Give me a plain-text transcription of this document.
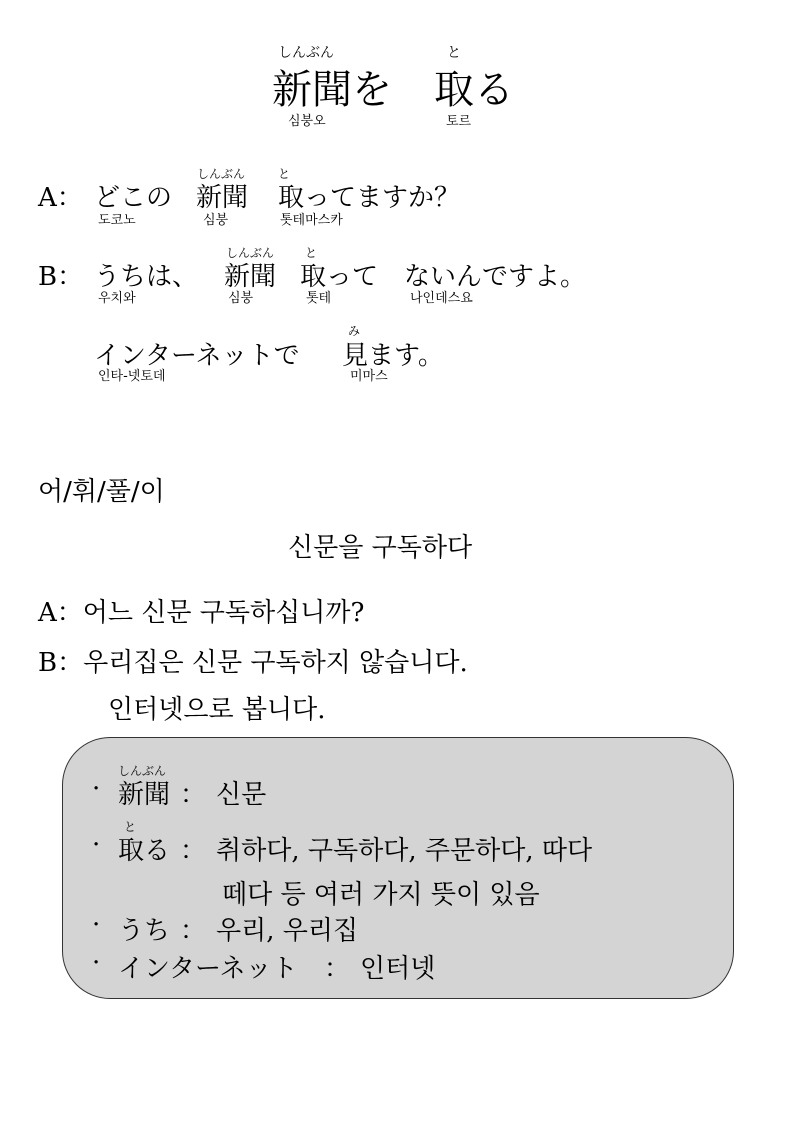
しんぶん	と
新聞を 取る
심붕오	토르
しんぶん	と
A： どこの 新聞 取ってますか？
도코노	심붕	톳테마스카
しんぶん	と
B： うちは、 新聞 取って ないんですよ。
우치와	심붕	톳테	나인데스요
み
インターネットで 見ます。
인타-넷토데	미마스
어/휘/풀/이
신문을 구독하다
A：어느 신문 구독하십니까?
B：우리집은 신문 구독하지 않습니다.
인터넷으로 봅니다.
しんぶん
· 新聞 ： 신문
と
· 取る ： 취하다, 구독하다, 주문하다, 따다
떼다 등 여러 가지 뜻이 있음
· うち ： 우리, 우리집
· インターネット ： 인터넷
